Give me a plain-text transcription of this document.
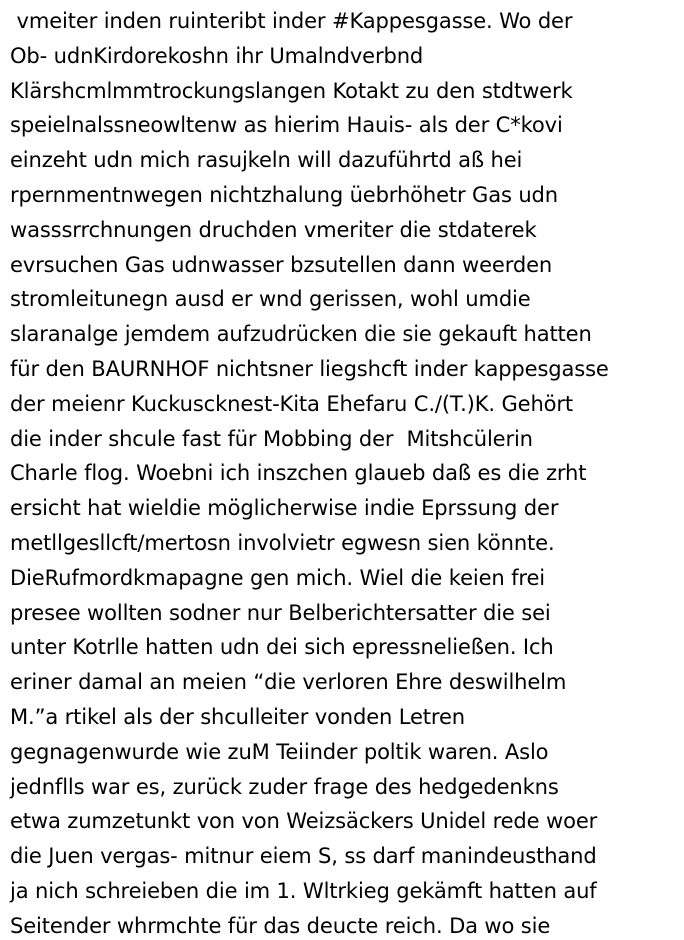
vmeiter inden ruinteribt inder #Kappesgasse. Wo der
Ob- udnKirdorekoshn ihr Umalndverbnd
Klärshcmlmmtrockungslangen Kotakt zu den stdtwerk
speielnalssneowltenw as hierim Hauis- als der C*kovi
einzeht udn mich rasujkeln will dazuführtd aß hei
rpernmentnwegen nichtzhalung üebrhöhetr Gas udn
wasssrrchnungen druchden vmeriter die stdaterek
evrsuchen Gas udnwasser bzsutellen dann weerden
stromleitunegn ausd er wnd gerissen, wohl umdie
slaranalge jemdem aufzudrücken die sie gekauft hatten
für den BAURNHOF nichtsner liegshcft inder kappesgasse
der meienr Kuckuscknest-Kita Ehefaru C./(T.)K. Gehört
die inder shcule fast für Mobbing der  Mitshcülerin
Charle flog. Woebni ich inszchen glaueb daß es die zrht
ersicht hat wieldie möglicherwise indie Eprssung der
metllgesllcft/mertosn involvietr egwesn sien könnte.
DieRufmordkmapagne gen mich. Wiel die keien frei
presee wollten sodner nur Belberichtersatter die sei
unter Kotrlle hatten udn dei sich epressneließen. Ich
eriner damal an meien “die verloren Ehre deswilhelm
M.”a rtikel als der shculleiter vonden Letren
gegnagenwurde wie zuM Teiinder poltik waren. Aslo
jednflls war es, zurück zuder frage des hedgedenkns
etwa zumzetunkt von von Weizsäckers Unidel rede woer
die Juen vergas- mitnur eiem S, ss darf manindeusthand
ja nich schreieben die im 1. Wltrkieg gekämft hatten auf
Seitender whrmchte für das deucte reich. Da wo sie
